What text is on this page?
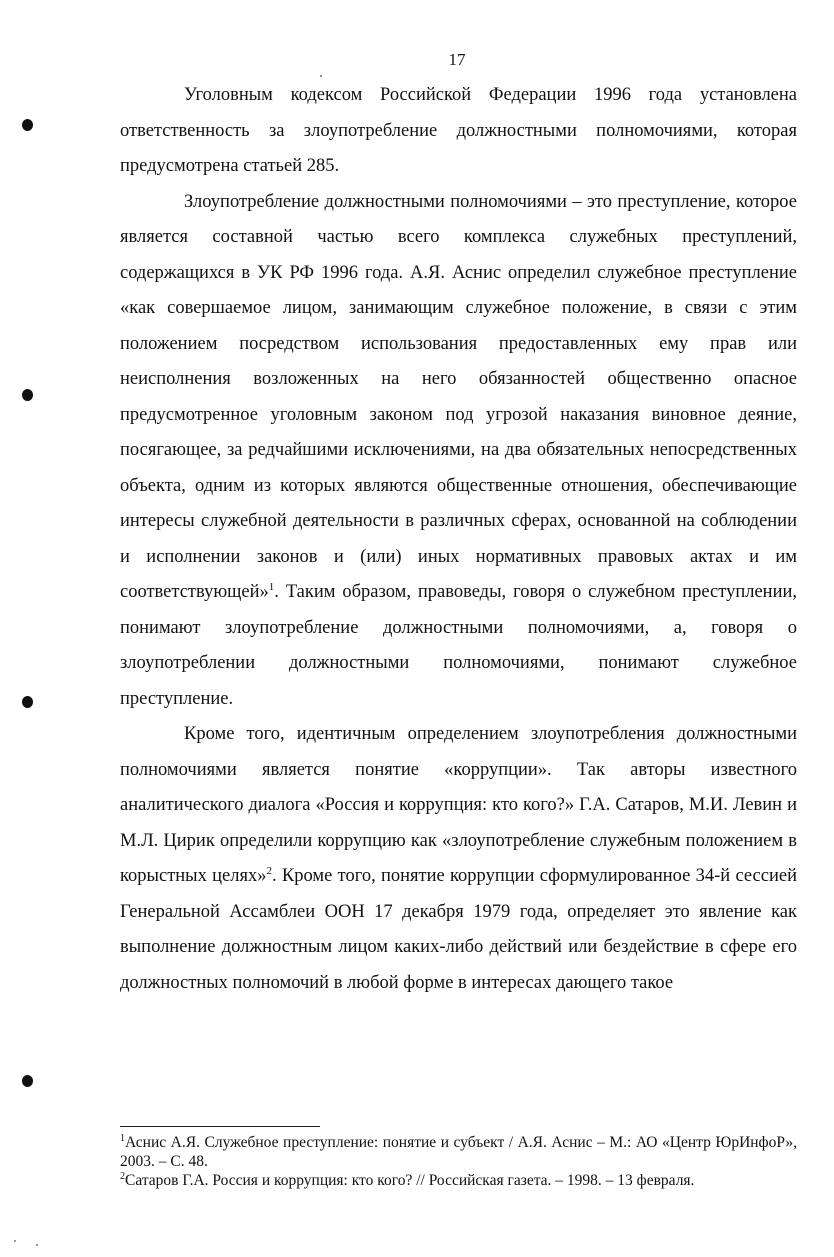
17

Уголовным кодексом Российской Федерации 1996 года установлена ответственность за злоупотребление должностными полномочиями, которая предусмотрена статьей 285.

Злоупотребление должностными полномочиями – это преступление, которое является составной частью всего комплекса служебных преступлений, содержащихся в УК РФ 1996 года. А.Я. Аснис определил служебное преступление «как совершаемое лицом, занимающим служебное положение, в связи с этим положением посредством использования предоставленных ему прав или неисполнения возложенных на него обязанностей общественно опасное предусмотренное уголовным законом под угрозой наказания виновное деяние, посягающее, за редчайшими исключениями, на два обязательных непосредственных объекта, одним из которых являются общественные отношения, обеспечивающие интересы служебной деятельности в различных сферах, основанной на соблюдении и исполнении законов и (или) иных нормативных правовых актах и им соответствующей»$^1$. Таким образом, правоведы, говоря о служебном преступлении, понимают злоупотребление должностными полномочиями, а, говоря о злоупотреблении должностными полномочиями, понимают служебное преступление.

Кроме того, идентичным определением злоупотребления должностными полномочиями является понятие «коррупции». Так авторы известного аналитического диалога «Россия и коррупция: кто кого?» Г.А. Сатаров, М.И. Левин и М.Л. Цирик определили коррупцию как «злоупотребление служебным положением в корыстных целях»$^2$. Кроме того, понятие коррупции сформулированное 34-й сессией Генеральной Ассамблеи ООН 17 декабря 1979 года, определяет это явление как выполнение должностным лицом каких-либо действий или бездействие в сфере его должностных полномочий в любой форме в интересах дающего такое

$^1$Аснис А.Я. Служебное преступление: понятие и субъект / А.Я. Аснис – М.: АО «Центр ЮрИнфоР», 2003. – С. 48.

$^2$Сатаров Г.А. Россия и коррупция: кто кого? // Российская газета. – 1998. – 13 февраля.
